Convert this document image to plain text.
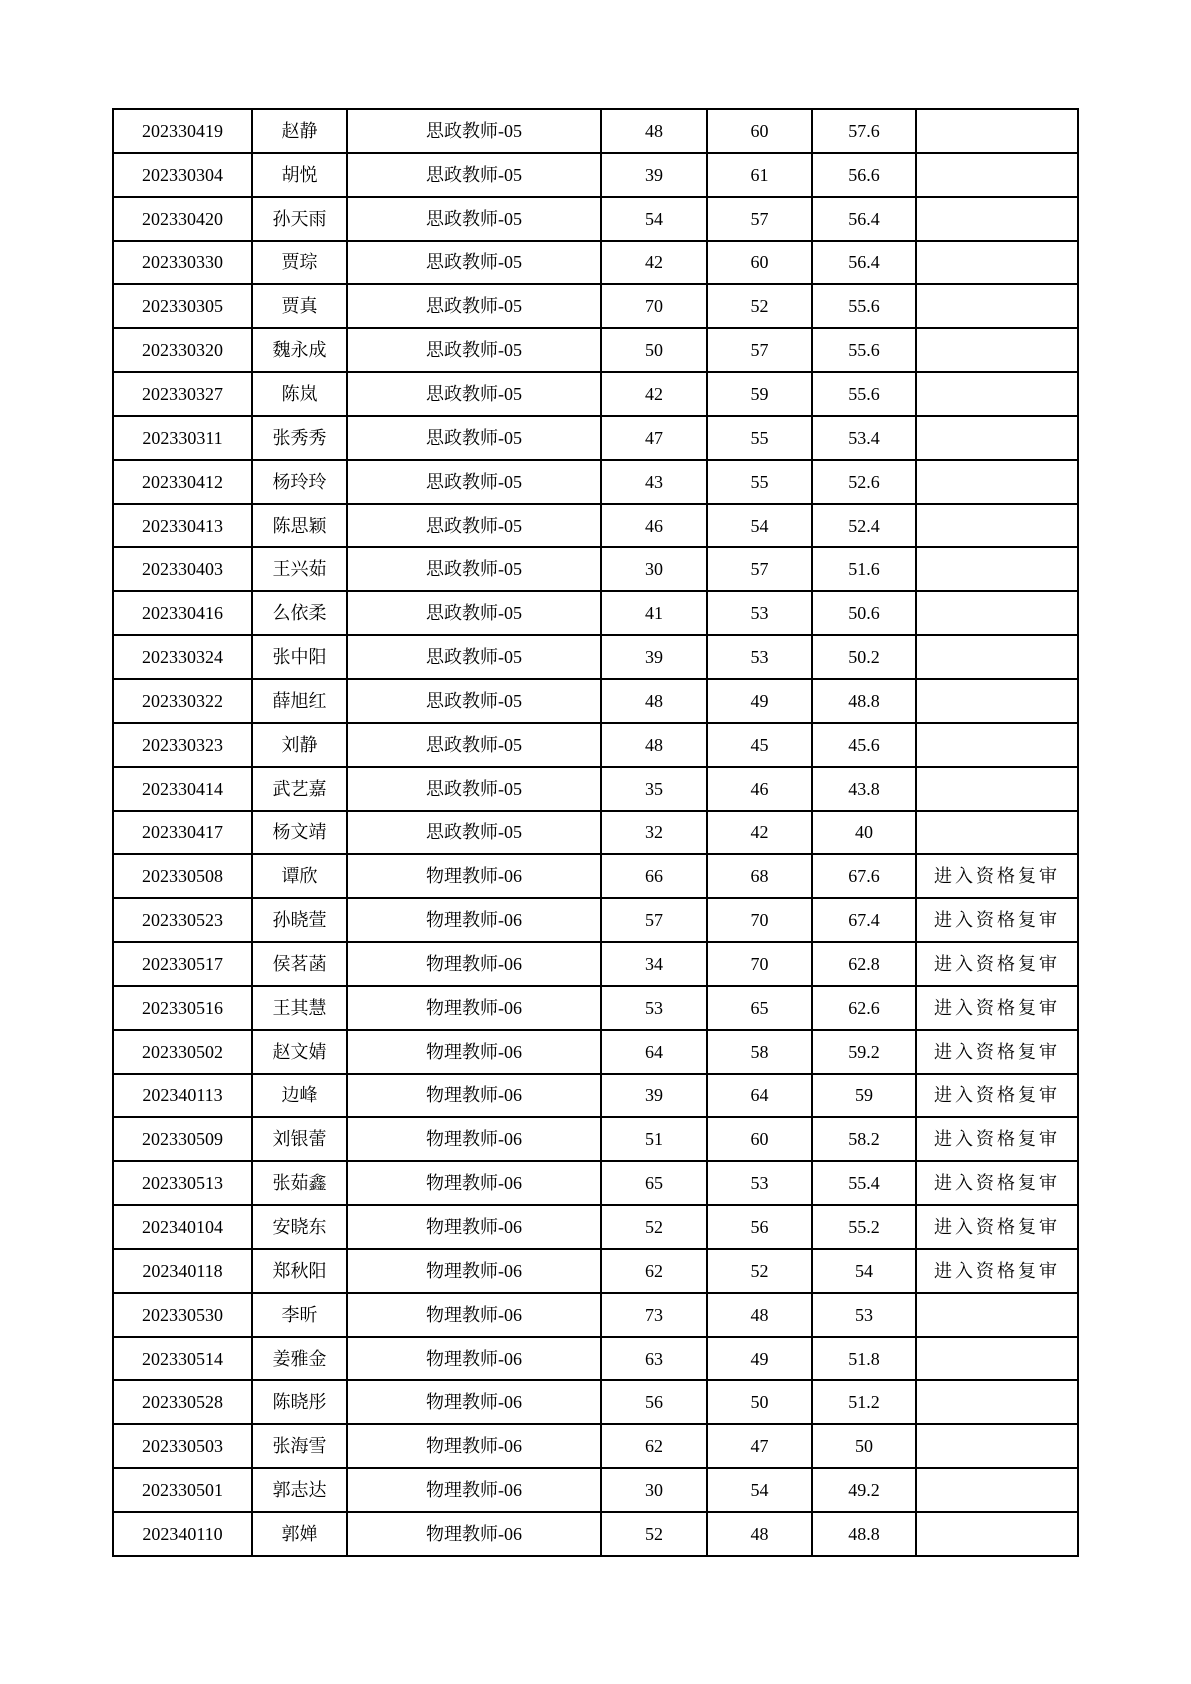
202330419	赵静	思政教师-05	48	60	57.6	
202330304	胡悦	思政教师-05	39	61	56.6	
202330420	孙天雨	思政教师-05	54	57	56.4	
202330330	贾琮	思政教师-05	42	60	56.4	
202330305	贾真	思政教师-05	70	52	55.6	
202330320	魏永成	思政教师-05	50	57	55.6	
202330327	陈岚	思政教师-05	42	59	55.6	
202330311	张秀秀	思政教师-05	47	55	53.4	
202330412	杨玲玲	思政教师-05	43	55	52.6	
202330413	陈思颖	思政教师-05	46	54	52.4	
202330403	王兴茹	思政教师-05	30	57	51.6	
202330416	么依柔	思政教师-05	41	53	50.6	
202330324	张中阳	思政教师-05	39	53	50.2	
202330322	薛旭红	思政教师-05	48	49	48.8	
202330323	刘静	思政教师-05	48	45	45.6	
202330414	武艺嘉	思政教师-05	35	46	43.8	
202330417	杨文靖	思政教师-05	32	42	40	
202330508	谭欣	物理教师-06	66	68	67.6	进入资格复审
202330523	孙晓萱	物理教师-06	57	70	67.4	进入资格复审
202330517	侯茗菡	物理教师-06	34	70	62.8	进入资格复审
202330516	王其慧	物理教师-06	53	65	62.6	进入资格复审
202330502	赵文婧	物理教师-06	64	58	59.2	进入资格复审
202340113	边峰	物理教师-06	39	64	59	进入资格复审
202330509	刘银蕾	物理教师-06	51	60	58.2	进入资格复审
202330513	张茹鑫	物理教师-06	65	53	55.4	进入资格复审
202340104	安晓东	物理教师-06	52	56	55.2	进入资格复审
202340118	郑秋阳	物理教师-06	62	52	54	进入资格复审
202330530	李昕	物理教师-06	73	48	53	
202330514	姜雅金	物理教师-06	63	49	51.8	
202330528	陈晓彤	物理教师-06	56	50	51.2	
202330503	张海雪	物理教师-06	62	47	50	
202330501	郭志达	物理教师-06	30	54	49.2	
202340110	郭婵	物理教师-06	52	48	48.8	
